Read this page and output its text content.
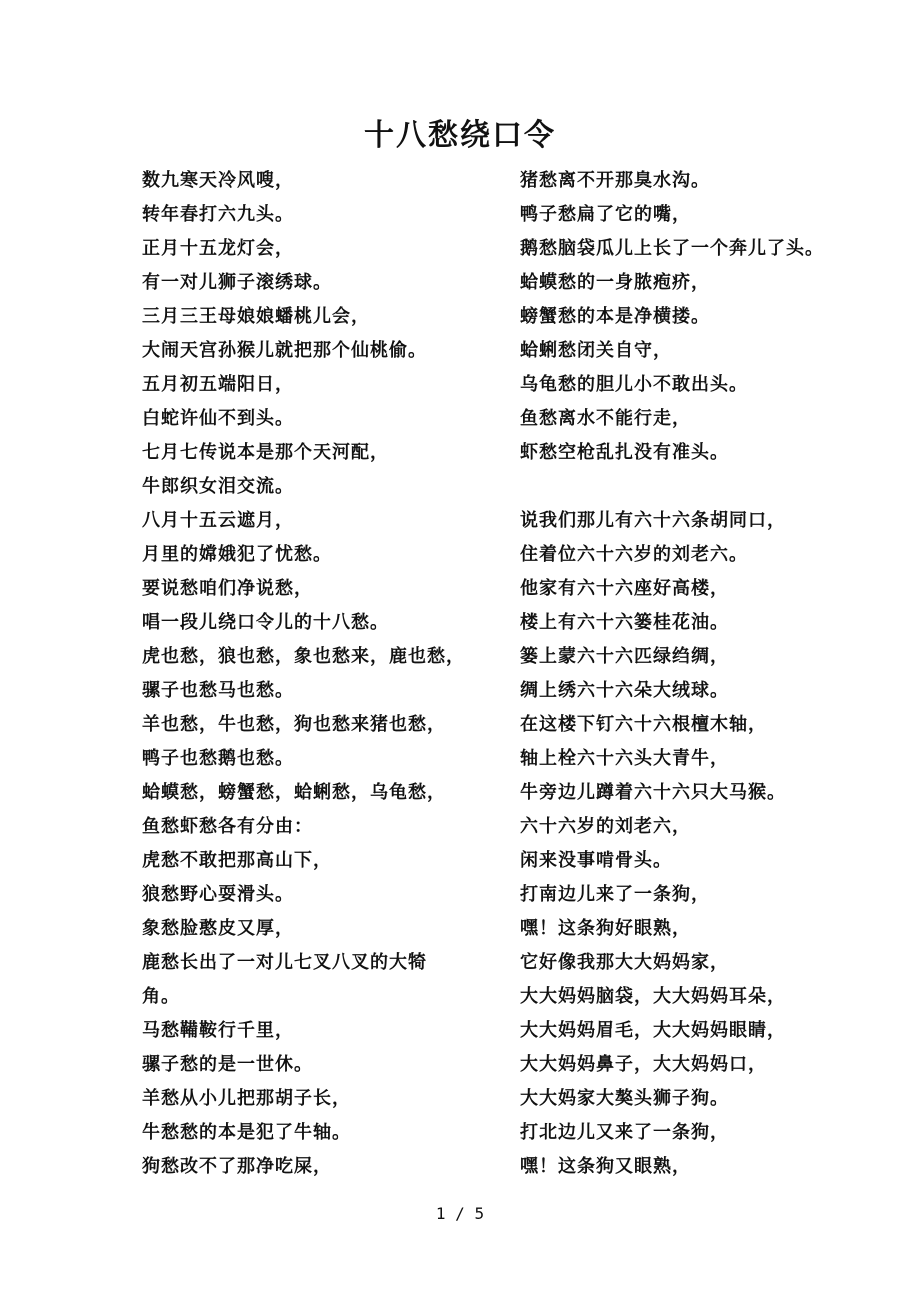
十八愁绕口令
数九寒天冷风嗖，
转年春打六九头。
正月十五龙灯会，
有一对儿狮子滚绣球。
三月三王母娘娘蟠桃儿会，
大闹天宫孙猴儿就把那个仙桃偷。
五月初五端阳日，
白蛇许仙不到头。
七月七传说本是那个天河配，
牛郎织女泪交流。
八月十五云遮月，
月里的嫦娥犯了忧愁。
要说愁咱们净说愁，
唱一段儿绕口令儿的十八愁。
虎也愁，狼也愁，象也愁来，鹿也愁，
骡子也愁马也愁。
羊也愁，牛也愁，狗也愁来猪也愁，
鸭子也愁鹅也愁。
蛤蟆愁，螃蟹愁，蛤蜊愁，乌龟愁，
鱼愁虾愁各有分由：
虎愁不敢把那高山下，
狼愁野心耍滑头。
象愁脸憨皮又厚，
鹿愁长出了一对儿七叉八叉的大犄
角。
马愁鞴鞍行千里，
骡子愁的是一世休。
羊愁从小儿把那胡子长，
牛愁愁的本是犯了牛轴。
狗愁改不了那净吃屎，
猪愁离不开那臭水沟。
鸭子愁扁了它的嘴，
鹅愁脑袋瓜儿上长了一个奔儿了头。
蛤蟆愁的一身脓疱疥，
螃蟹愁的本是净横搂。
蛤蜊愁闭关自守，
乌龟愁的胆儿小不敢出头。
鱼愁离水不能行走，
虾愁空枪乱扎没有准头。
说我们那儿有六十六条胡同口，
住着位六十六岁的刘老六。
他家有六十六座好高楼，
楼上有六十六篓桂花油。
篓上蒙六十六匹绿绉绸，
绸上绣六十六朵大绒球。
在这楼下钉六十六根檀木轴，
轴上栓六十六头大青牛，
牛旁边儿蹲着六十六只大马猴。
六十六岁的刘老六，
闲来没事啃骨头。
打南边儿来了一条狗，
嘿！这条狗好眼熟，
它好像我那大大妈妈家，
大大妈妈脑袋，大大妈妈耳朵，
大大妈妈眉毛，大大妈妈眼睛，
大大妈妈鼻子，大大妈妈口，
大大妈家大獒头狮子狗。
打北边儿又来了一条狗，
嘿！这条狗又眼熟，
1 / 5
